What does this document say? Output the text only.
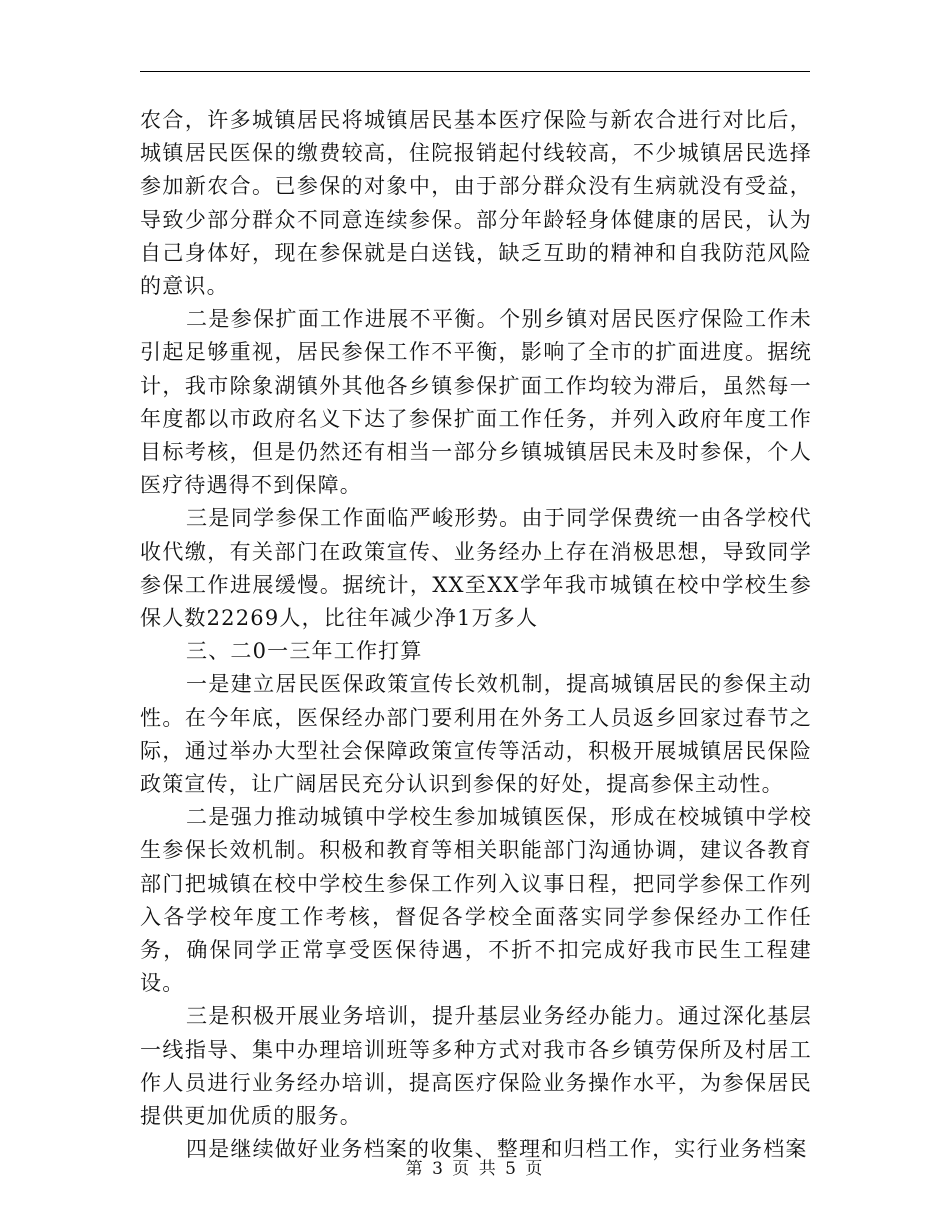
农合，许多城镇居民将城镇居民基本医疗保险与新农合进行对比后，城镇居民医保的缴费较高，住院报销起付线较高，不少城镇居民选择参加新农合。已参保的对象中，由于部分群众没有生病就没有受益，导致少部分群众不同意连续参保。部分年龄轻身体健康的居民，认为自己身体好，现在参保就是白送钱，缺乏互助的精神和自我防范风险的意识。

二是参保扩面工作进展不平衡。个别乡镇对居民医疗保险工作未引起足够重视，居民参保工作不平衡，影响了全市的扩面进度。据统计，我市除象湖镇外其他各乡镇参保扩面工作均较为滞后，虽然每一年度都以市政府名义下达了参保扩面工作任务，并列入政府年度工作目标考核，但是仍然还有相当一部分乡镇城镇居民未及时参保，个人医疗待遇得不到保障。

三是同学参保工作面临严峻形势。由于同学保费统一由各学校代收代缴，有关部门在政策宣传、业务经办上存在消极思想，导致同学参保工作进展缓慢。据统计，XX至XX学年我市城镇在校中学校生参保人数22269人，比往年减少净1万多人

三、二0一三年工作打算

一是建立居民医保政策宣传长效机制，提高城镇居民的参保主动性。在今年底，医保经办部门要利用在外务工人员返乡回家过春节之际，通过举办大型社会保障政策宣传等活动，积极开展城镇居民保险政策宣传，让广阔居民充分认识到参保的好处，提高参保主动性。

二是强力推动城镇中学校生参加城镇医保，形成在校城镇中学校生参保长效机制。积极和教育等相关职能部门沟通协调，建议各教育部门把城镇在校中学校生参保工作列入议事日程，把同学参保工作列入各学校年度工作考核，督促各学校全面落实同学参保经办工作任务，确保同学正常享受医保待遇，不折不扣完成好我市民生工程建设。

三是积极开展业务培训，提升基层业务经办能力。通过深化基层一线指导、集中办理培训班等多种方式对我市各乡镇劳保所及村居工作人员进行业务经办培训，提高医疗保险业务操作水平，为参保居民提供更加优质的服务。

四是继续做好业务档案的收集、整理和归档工作，实行业务档案

第 3 页 共 5 页
